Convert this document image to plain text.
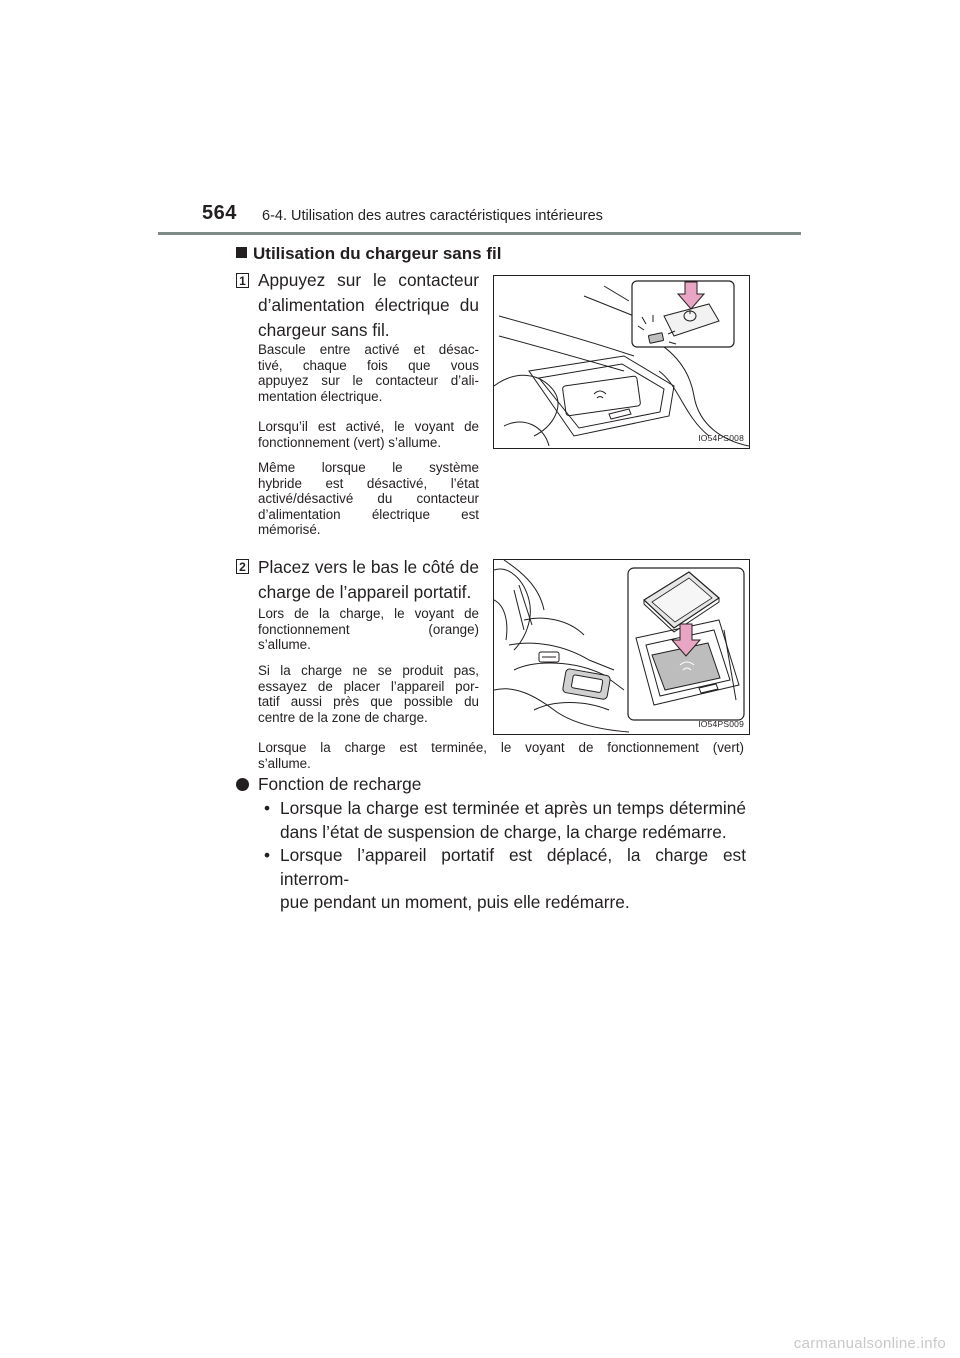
564 6-4. Utilisation des autres caractéristiques intérieures
Utilisation du chargeur sans fil
1 Appuyez sur le contacteur
d’alimentation électrique du
chargeur sans fil.
Bascule entre activé et désac-
tivé, chaque fois que vous
appuyez sur le contacteur d’ali-
mentation électrique.
Lorsqu’il est activé, le voyant de
fonctionnement (vert) s’allume.
Même lorsque le système
hybride est désactivé, l’état
activé/désactivé du contacteur
d’alimentation électrique est
mémorisé.
IO54PS008
2 Placez vers le bas le côté de
charge de l’appareil portatif.
Lors de la charge, le voyant de
fonctionnement (orange)
s’allume.
Si la charge ne se produit pas,
essayez de placer l’appareil por-
tatif aussi près que possible du
centre de la zone de charge.	IO54PS009
Lorsque la charge est terminée, le voyant de fonctionnement (vert)
s’allume.
Fonction de recharge
• Lorsque la charge est terminée et après un temps déterminé
dans l’état de suspension de charge, la charge redémarre.
• Lorsque l’appareil portatif est déplacé, la charge est interrom-
pue pendant un moment, puis elle redémarre.
carmanualsonline.info
